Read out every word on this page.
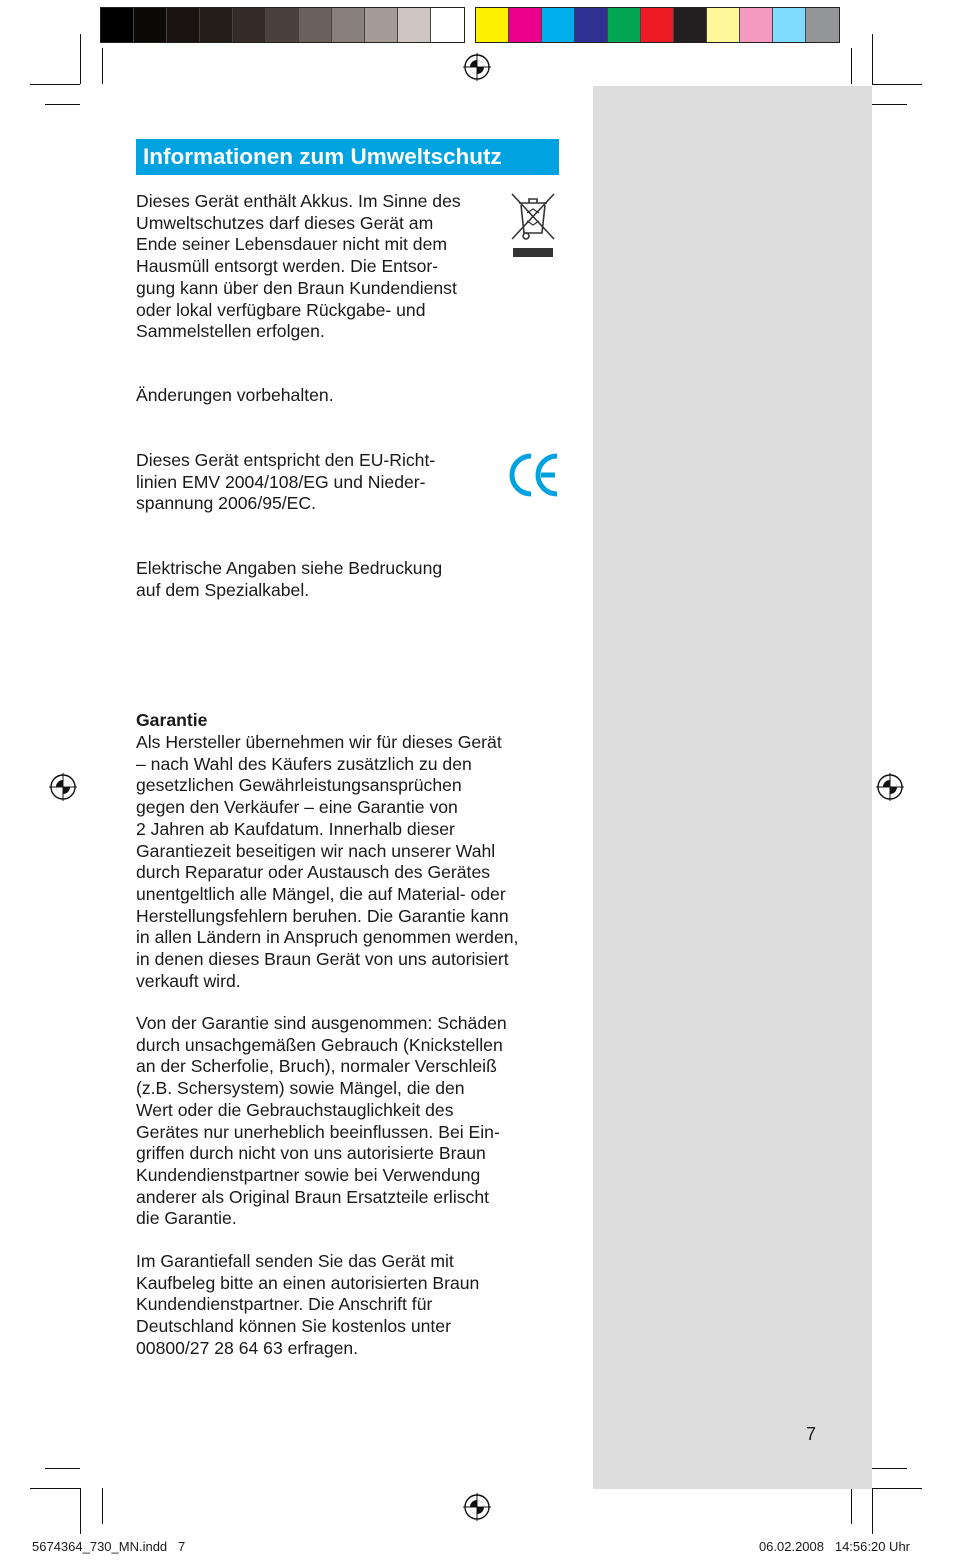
Informationen zum Umweltschutz

Dieses Gerät enthält Akkus. Im Sinne des
Umweltschutzes darf dieses Gerät am
Ende seiner Lebensdauer nicht mit dem
Hausmüll entsorgt werden. Die Entsor-
gung kann über den Braun Kundendienst
oder lokal verfügbare Rückgabe- und
Sammelstellen erfolgen.

Änderungen vorbehalten.

Dieses Gerät entspricht den EU-Richt-
linien EMV 2004/108/EG und Nieder-
spannung 2006/95/EC.

Elektrische Angaben siehe Bedruckung
auf dem Spezialkabel.

Garantie

Als Hersteller übernehmen wir für dieses Gerät
– nach Wahl des Käufers zusätzlich zu den
gesetzlichen Gewährleistungsansprüchen
gegen den Verkäufer – eine Garantie von
2 Jahren ab Kaufdatum. Innerhalb dieser
Garantiezeit beseitigen wir nach unserer Wahl
durch Reparatur oder Austausch des Gerätes
unentgeltlich alle Mängel, die auf Material- oder
Herstellungsfehlern beruhen. Die Garantie kann
in allen Ländern in Anspruch genommen werden,
in denen dieses Braun Gerät von uns autorisiert
verkauft wird.

Von der Garantie sind ausgenommen: Schäden
durch unsachgemäßen Gebrauch (Knickstellen
an der Scherfolie, Bruch), normaler Verschleiß
(z.B. Schersystem) sowie Mängel, die den
Wert oder die Gebrauchstauglichkeit des
Gerätes nur unerheblich beeinflussen. Bei Ein-
griffen durch nicht von uns autorisierte Braun
Kundendienstpartner sowie bei Verwendung
anderer als Original Braun Ersatzteile erlischt
die Garantie.

Im Garantiefall senden Sie das Gerät mit
Kaufbeleg bitte an einen autorisierten Braun
Kundendienstpartner. Die Anschrift für
Deutschland können Sie kostenlos unter
00800/27 28 64 63 erfragen.

7
5674364_730_MN.indd   7	06.02.2008   14:56:20 Uhr
